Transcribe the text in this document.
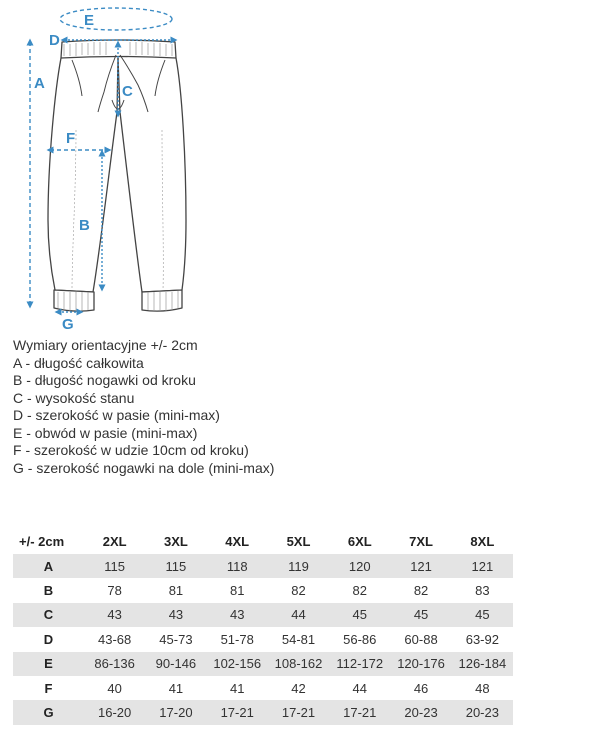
E
D
A	C
F
B
G
Wymiary orientacyjne +/- 2cm
A - długość całkowita
B - długość nogawki od kroku
C - wysokość stanu
D - szerokość w pasie (mini-max)
E - obwód w pasie (mini-max)
F - szerokość w udzie 10cm od kroku)
G - szerokość nogawki na dole (mini-max)
+/- 2cm	2XL	3XL	4XL	5XL	6XL	7XL	8XL
A	115	115	118	119	120	121	121
B	78	81	81	82	82	82	83
C	43	43	43	44	45	45	45
D	43-68	45-73	51-78	54-81	56-86	60-88	63-92
E	86-136	90-146	102-156	108-162	112-172	120-176	126-184
F	40	41	41	42	44	46	48
G	16-20	17-20	17-21	17-21	17-21	20-23	20-23
